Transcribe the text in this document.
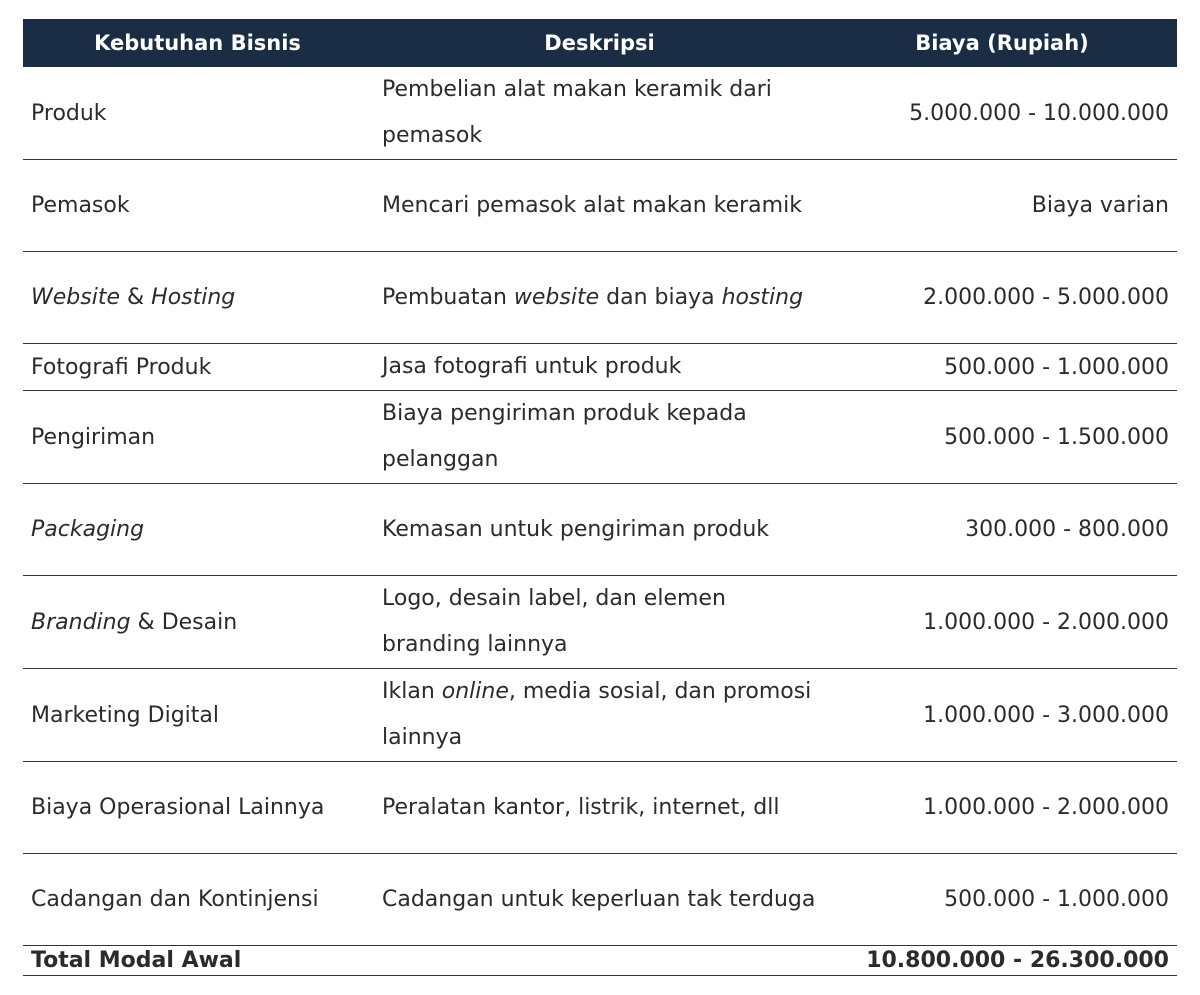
Kebutuhan Bisnis	Deskripsi	Biaya (Rupiah)
Produk	Pembelian alat makan keramik dari pemasok	5.000.000 - 10.000.000
Pemasok	Mencari pemasok alat makan keramik	Biaya varian
Website & Hosting	Pembuatan website dan biaya hosting	2.000.000 - 5.000.000
Fotografi Produk	Jasa fotografi untuk produk	500.000 - 1.000.000
Pengiriman	Biaya pengiriman produk kepada pelanggan	500.000 - 1.500.000
Packaging	Kemasan untuk pengiriman produk	300.000 - 800.000
Branding & Desain	Logo, desain label, dan elemen branding lainnya	1.000.000 - 2.000.000
Marketing Digital	Iklan online, media sosial, dan promosi lainnya	1.000.000 - 3.000.000
Biaya Operasional Lainnya	Peralatan kantor, listrik, internet, dll	1.000.000 - 2.000.000
Cadangan dan Kontinjensi	Cadangan untuk keperluan tak terduga	500.000 - 1.000.000
Total Modal Awal		10.800.000 - 26.300.000
